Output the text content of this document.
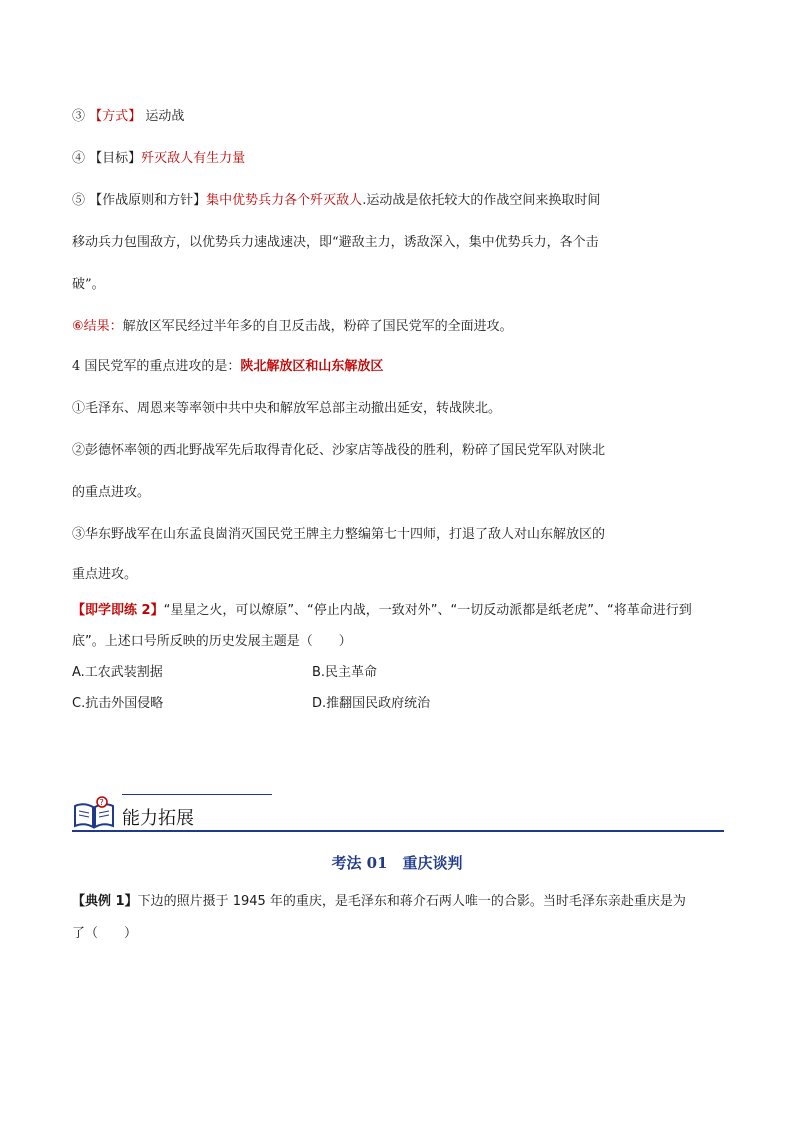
③ 【方式】 运动战
④ 【目标】歼灭敌人有生力量
⑤ 【作战原则和方针】集中优势兵力各个歼灭敌人.运动战是依托较大的作战空间来换取时间
移动兵力包围敌方，以优势兵力速战速决，即“避敌主力，诱敌深入，集中优势兵力，各个击
破”。
⑥结果：解放区军民经过半年多的自卫反击战，粉碎了国民党军的全面进攻。
4 国民党军的重点进攻的是：陕北解放区和山东解放区
①毛泽东、周恩来等率领中共中央和解放军总部主动撤出延安，转战陕北。
②彭德怀率领的西北野战军先后取得青化砭、沙家店等战役的胜利，粉碎了国民党军队对陕北
的重点进攻。
③华东野战军在山东孟良崮消灭国民党王牌主力整编第七十四师，打退了敌人对山东解放区的
重点进攻。
【即学即练 2】“星星之火，可以燎原”、“停止内战，一致对外”、“一切反动派都是纸老虎”、“将革命进行到
底”。上述口号所反映的历史发展主题是（　　）
A.工农武装割据	B.民主革命
C.抗击外国侵略	D.推翻国民政府统治
?
能力拓展
考法 01　重庆谈判
【典例 1】下边的照片摄于 1945 年的重庆，是毛泽东和蒋介石两人唯一的合影。当时毛泽东亲赴重庆是为
了（　　）
